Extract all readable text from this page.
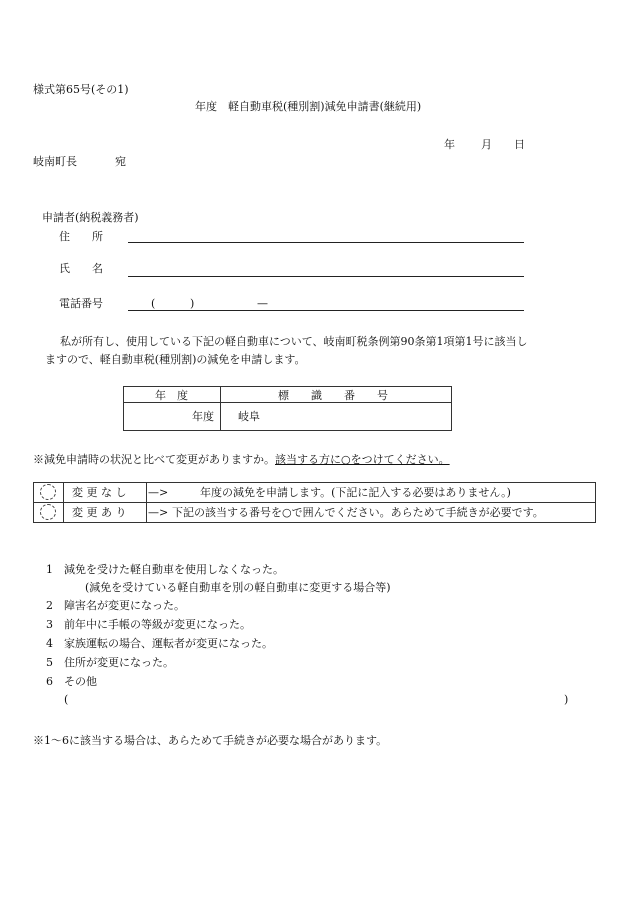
様式第65号(その1)
年度　軽自動車税(種別割)減免申請書(継続用)
年 月 日
岐南町長	宛
申請者(納税義務者)
住　　所
氏　　名
電話番号	(	)	—
私が所有し、使用している下記の軽自動車について、岐南町税条例第90条第1項第1号に該当し
ますので、軽自動車税(種別割)の減免を申請します。
年　度	標　　識　　番　　号
年度 岐阜
※減免申請時の状況と比べて変更がありますか。該当する方に○をつけてください。
変 更 な し —>	年度の減免を申請します。(下記に記入する必要はありません。)
変 更 あ り —> 下記の該当する番号を○で囲んでください。あらためて手続きが必要です。
1 減免を受けた軽自動車を使用しなくなった。
(減免を受けている軽自動車を別の軽自動車に変更する場合等)
2 障害名が変更になった。
3 前年中に手帳の等級が変更になった。
4 家族運転の場合、運転者が変更になった。
5 住所が変更になった。
6 その他
(	)
※1～6に該当する場合は、あらためて手続きが必要な場合があります。
